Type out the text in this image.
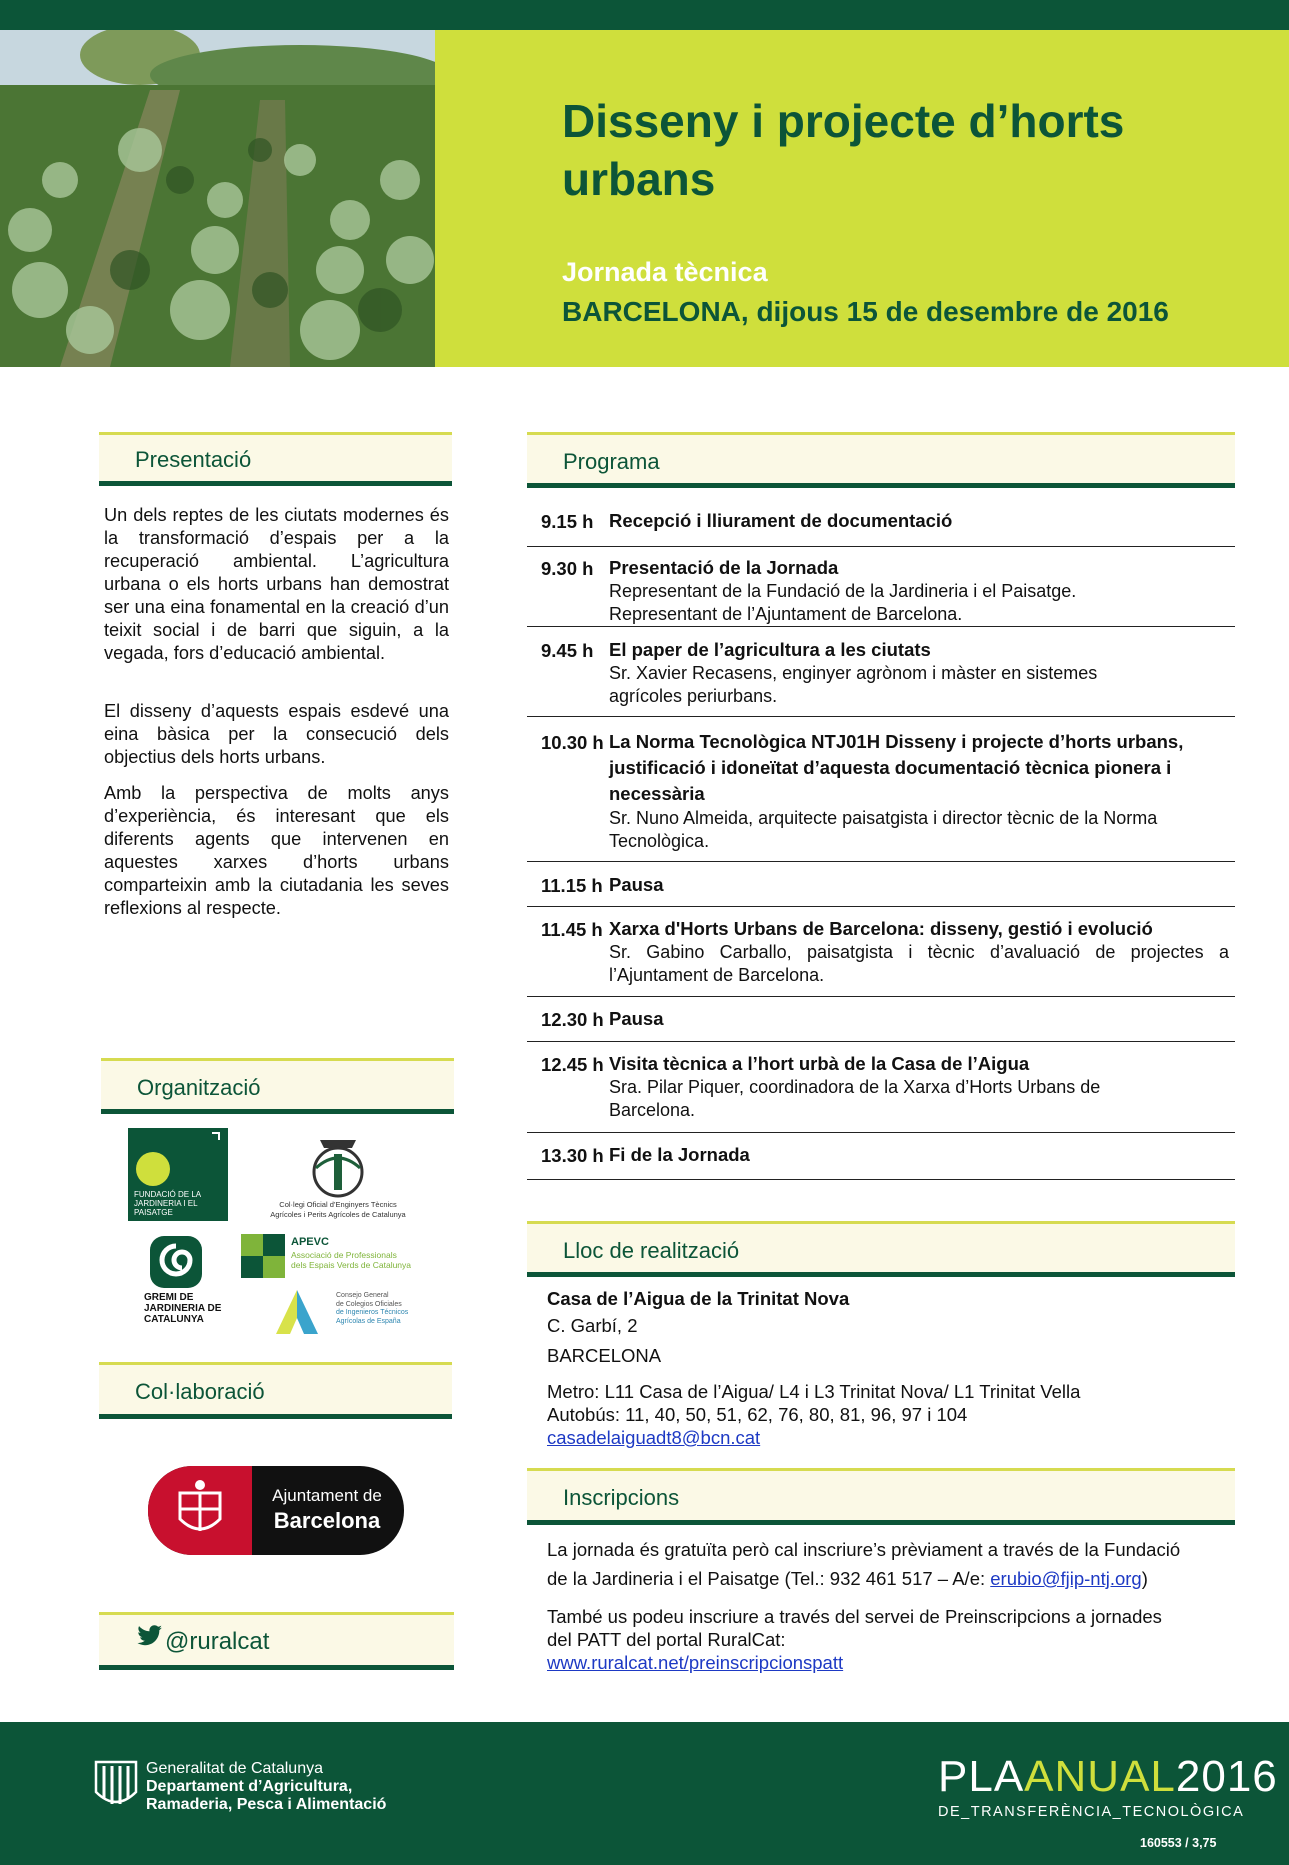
Disseny i projecte d’horts
urbans
Jornada tècnica
BARCELONA, dijous 15 de desembre de 2016
Presentació
Un dels reptes de les ciutats modernes és la transformació d’espais per a la recuperació ambiental. L’agricultura urbana o els horts urbans han demostrat ser una eina fonamental en la creació d’un teixit social i de barri que siguin, a la vegada, fors d’educació ambiental.
El disseny d’aquests espais esdevé una eina bàsica per la consecució dels objectius dels horts urbans.
Amb la perspectiva de molts anys d’experiència, és interesant que els diferents agents que intervenen en aquestes xarxes d’horts urbans comparteixin amb la ciutadania les seves reflexions al respecte.
Organització
FUNDACIÓ DE LA JARDINERIA I EL PAISATGE
Col·legi Oficial d’Enginyers Tècnics
Agrícoles i Perits Agrícoles de Catalunya
GREMI DE JARDINERIA DE CATALUNYA
APEVC
Associació de Professionals
dels Espais Verds de Catalunya
Consejo General
de Colegios Oficiales
de Ingenieros Técnicos
Agrícolas de España
Col·laboració
Ajuntament de
Barcelona
@ruralcat
Programa
9.15 h Recepció i lliurament de documentació
9.30 h Presentació de la Jornada
Representant de la Fundació de la Jardineria i el Paisatge.
Representant de l’Ajuntament de Barcelona.
9.45 h El paper de l’agricultura a les ciutats
Sr. Xavier Recasens, enginyer agrònom i màster en sistemes agrícoles periurbans.
10.30 h La Norma Tecnològica NTJ01H Disseny i projecte d’horts urbans, justificació i idoneïtat d’aquesta documentació tècnica pionera i necessària
Sr. Nuno Almeida, arquitecte paisatgista i director tècnic de la Norma Tecnològica.
11.15 h Pausa
11.45 h Xarxa d'Horts Urbans de Barcelona: disseny, gestió i evolució
Sr. Gabino Carballo, paisatgista i tècnic d’avaluació de projectes a l’Ajuntament de Barcelona.
12.30 h Pausa
12.45 h Visita tècnica a l’hort urbà de la Casa de l’Aigua
Sra. Pilar Piquer, coordinadora de la Xarxa d’Horts Urbans de Barcelona.
13.30 h Fi de la Jornada
Lloc de realització
Casa de l’Aigua de la Trinitat Nova
C. Garbí, 2
BARCELONA
Metro: L11 Casa de l’Aigua/ L4 i L3 Trinitat Nova/ L1 Trinitat Vella
Autobús: 11, 40, 50, 51, 62, 76, 80, 81, 96, 97 i 104
casadelaiguadt8@bcn.cat
Inscripcions
La jornada és gratuïta però cal inscriure’s prèviament a través de la Fundació
de la Jardineria i el Paisatge (Tel.: 932 461 517 – A/e: erubio@fjip-ntj.org)
També us podeu inscriure a través del servei de Preinscripcions a jornades
del PATT del portal RuralCat:
www.ruralcat.net/preinscripcionspatt
Generalitat de Catalunya
Departament d’Agricultura,
Ramaderia, Pesca i Alimentació
PLAANUAL2016
DE_TRANSFERÈNCIA_TECNOLÒGICA
160553 / 3,75
